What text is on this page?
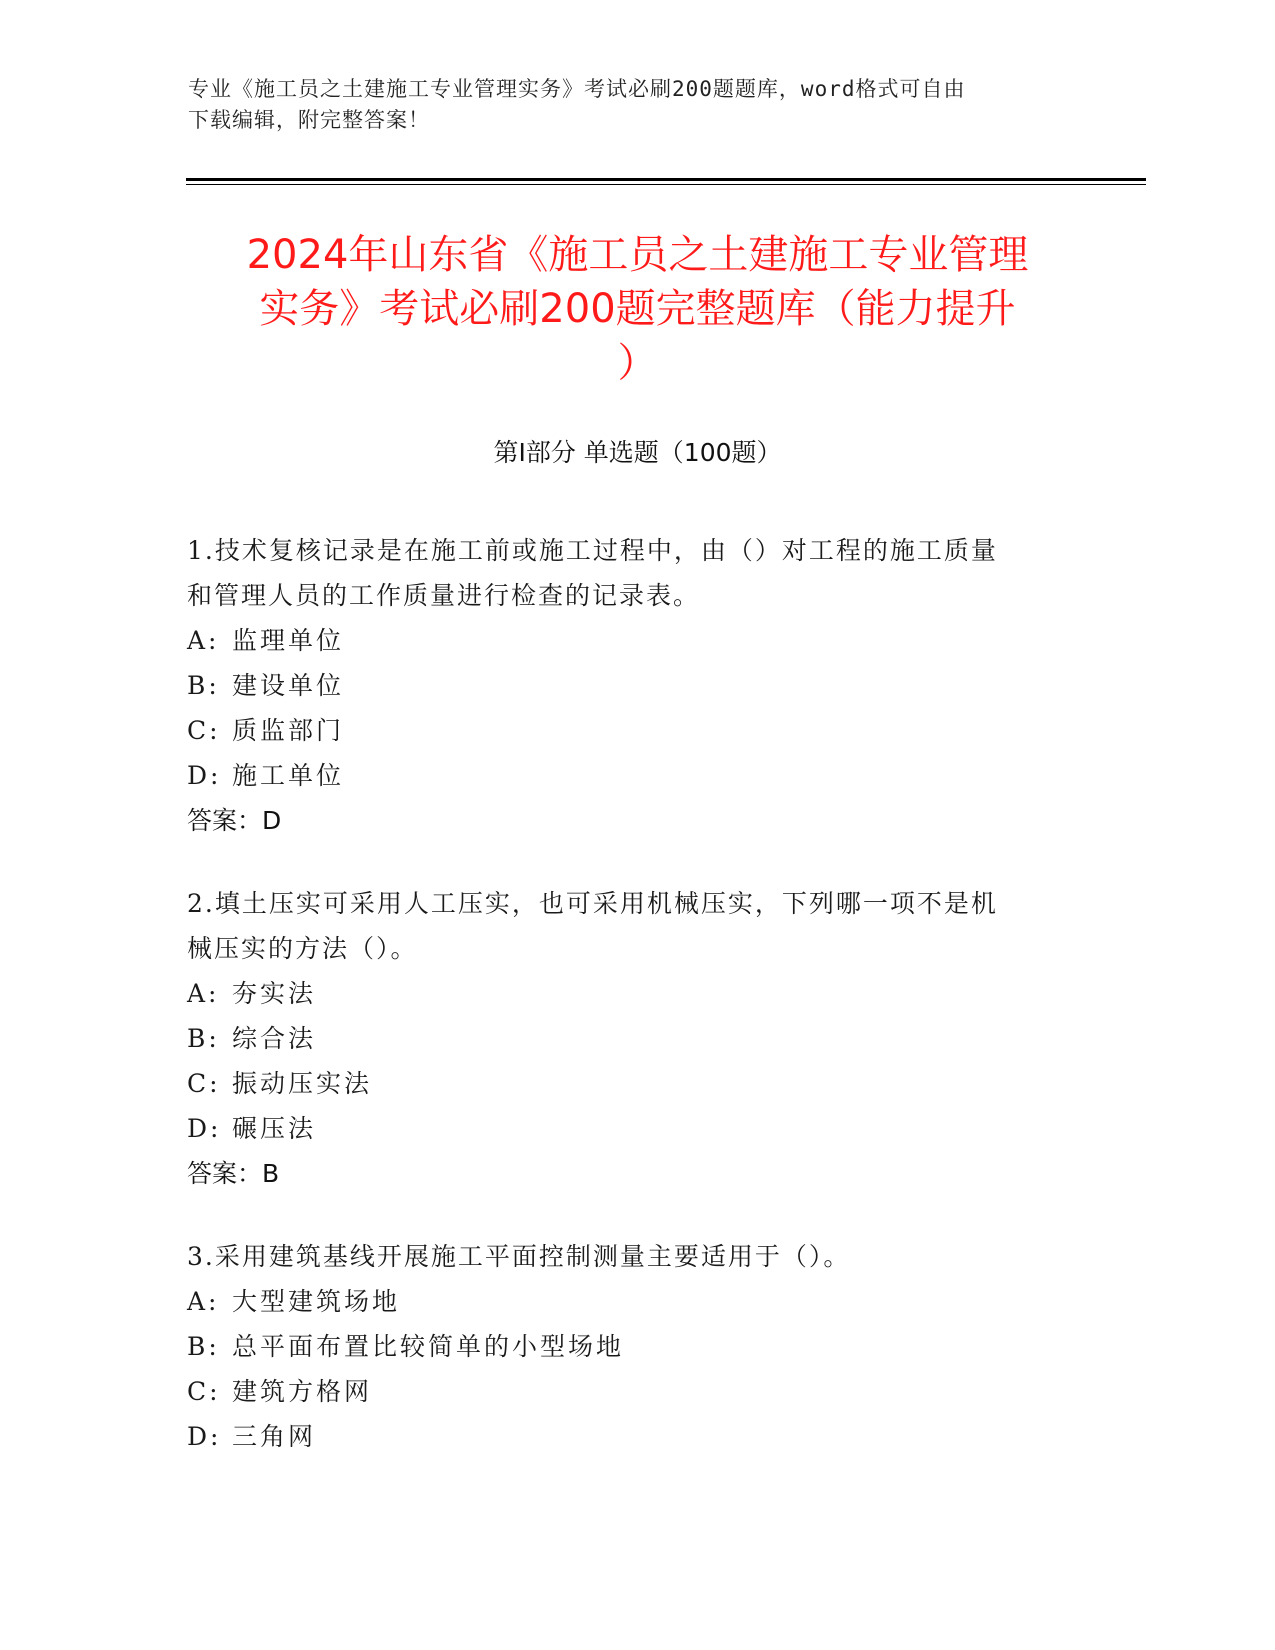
专业《施工员之土建施工专业管理实务》考试必刷200题题库，word格式可自由
下载编辑，附完整答案！
2024年山东省《施工员之土建施工专业管理
实务》考试必刷200题完整题库（能力提升
）
第Ⅰ部分 单选题（100题）

1.技术复核记录是在施工前或施工过程中，由（）对工程的施工质量
和管理人员的工作质量进行检查的记录表。

A: 监理单位
B: 建设单位
C: 质监部门
D: 施工单位
答案：D

2.填土压实可采用人工压实，也可采用机械压实，下列哪一项不是机
械压实的方法（）。

A: 夯实法
B: 综合法
C: 振动压实法
D: 碾压法
答案：B

3.采用建筑基线开展施工平面控制测量主要适用于（）。

A: 大型建筑场地
B: 总平面布置比较简单的小型场地
C: 建筑方格网
D: 三角网
